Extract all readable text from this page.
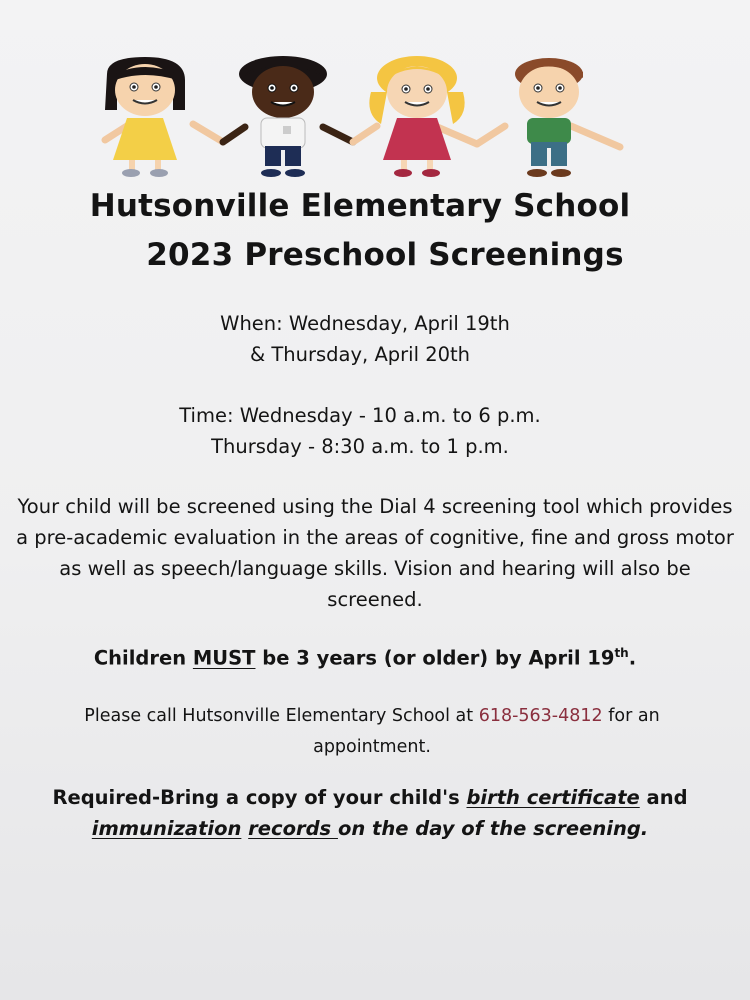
Hutsonville Elementary School
2023 Preschool Screenings

When: Wednesday, April 19th

& Thursday, April 20th

Time: Wednesday - 10 a.m. to 6 p.m.

Thursday - 8:30 a.m. to 1 p.m.

Your child will be screened using the Dial 4 screening tool which provides a pre-academic evaluation in the areas of cognitive, fine and gross motor as well as speech/language skills. Vision and hearing will also be screened.

Children MUST be 3 years (or older) by April 19th.

Please call Hutsonville Elementary School at 618-563-4812 for an appointment.

Required-Bring a copy of your child's birth certificate and immunization records on the day of the screening.
